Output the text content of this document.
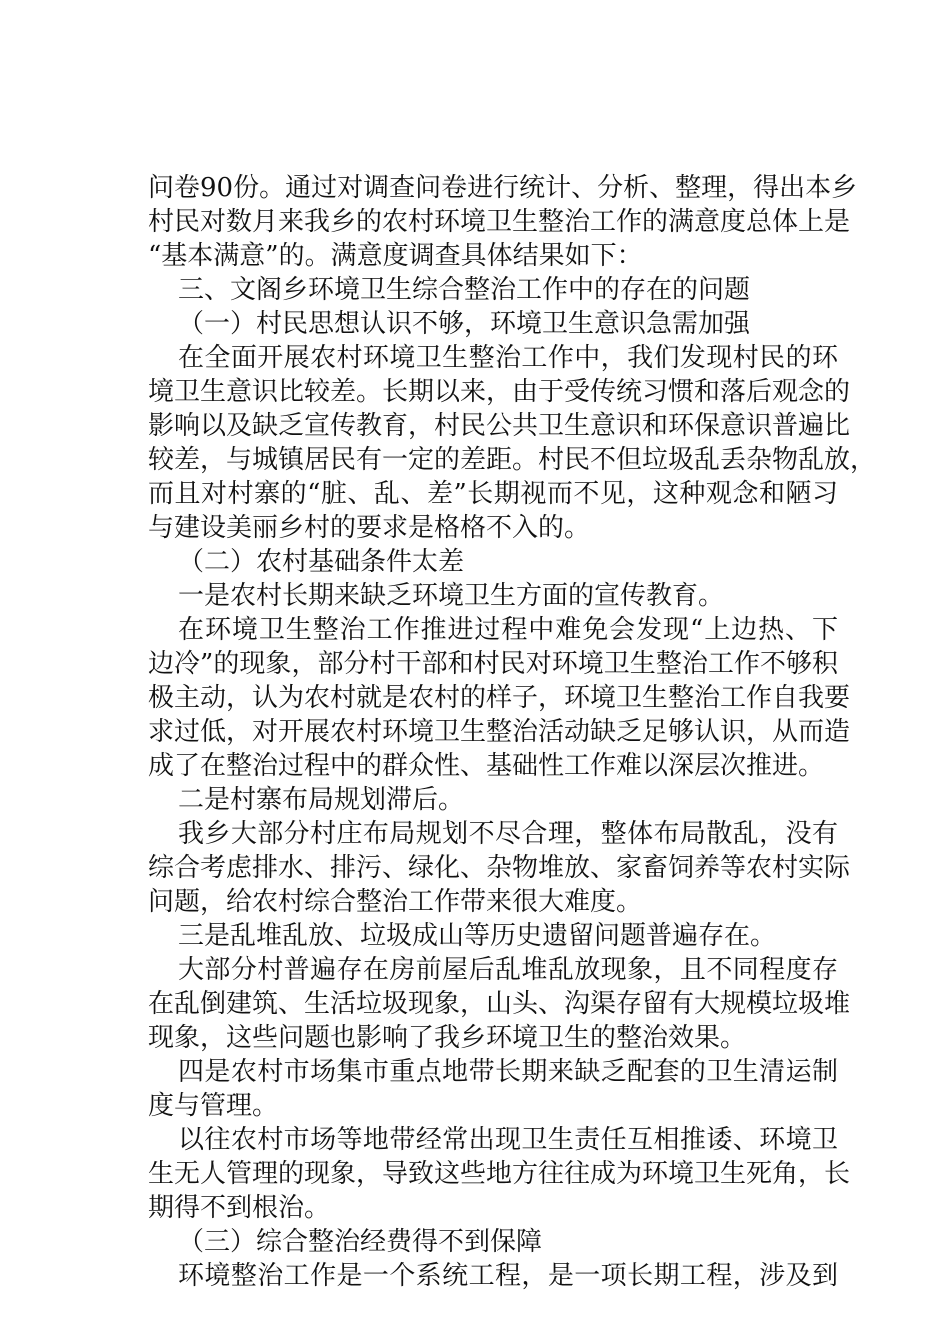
问卷90份。通过对调查问卷进行统计、分析、整理，得出本乡
村民对数月来我乡的农村环境卫生整治工作的满意度总体上是
“基本满意”的。满意度调查具体结果如下：
三、文阁乡环境卫生综合整治工作中的存在的问题
（一）村民思想认识不够，环境卫生意识急需加强
在全面开展农村环境卫生整治工作中，我们发现村民的环
境卫生意识比较差。长期以来，由于受传统习惯和落后观念的
影响以及缺乏宣传教育，村民公共卫生意识和环保意识普遍比
较差，与城镇居民有一定的差距。村民不但垃圾乱丢杂物乱放，
而且对村寨的“脏、乱、差”长期视而不见，这种观念和陋习
与建设美丽乡村的要求是格格不入的。
（二）农村基础条件太差
一是农村长期来缺乏环境卫生方面的宣传教育。
在环境卫生整治工作推进过程中难免会发现“上边热、下
边冷”的现象，部分村干部和村民对环境卫生整治工作不够积
极主动，认为农村就是农村的样子，环境卫生整治工作自我要
求过低，对开展农村环境卫生整治活动缺乏足够认识，从而造
成了在整治过程中的群众性、基础性工作难以深层次推进。
二是村寨布局规划滞后。
我乡大部分村庄布局规划不尽合理，整体布局散乱，没有
综合考虑排水、排污、绿化、杂物堆放、家畜饲养等农村实际
问题，给农村综合整治工作带来很大难度。
三是乱堆乱放、垃圾成山等历史遗留问题普遍存在。
大部分村普遍存在房前屋后乱堆乱放现象，且不同程度存
在乱倒建筑、生活垃圾现象，山头、沟渠存留有大规模垃圾堆
现象，这些问题也影响了我乡环境卫生的整治效果。
四是农村市场集市重点地带长期来缺乏配套的卫生清运制
度与管理。
以往农村市场等地带经常出现卫生责任互相推诿、环境卫
生无人管理的现象，导致这些地方往往成为环境卫生死角，长
期得不到根治。
（三）综合整治经费得不到保障
环境整治工作是一个系统工程，是一项长期工程，涉及到
